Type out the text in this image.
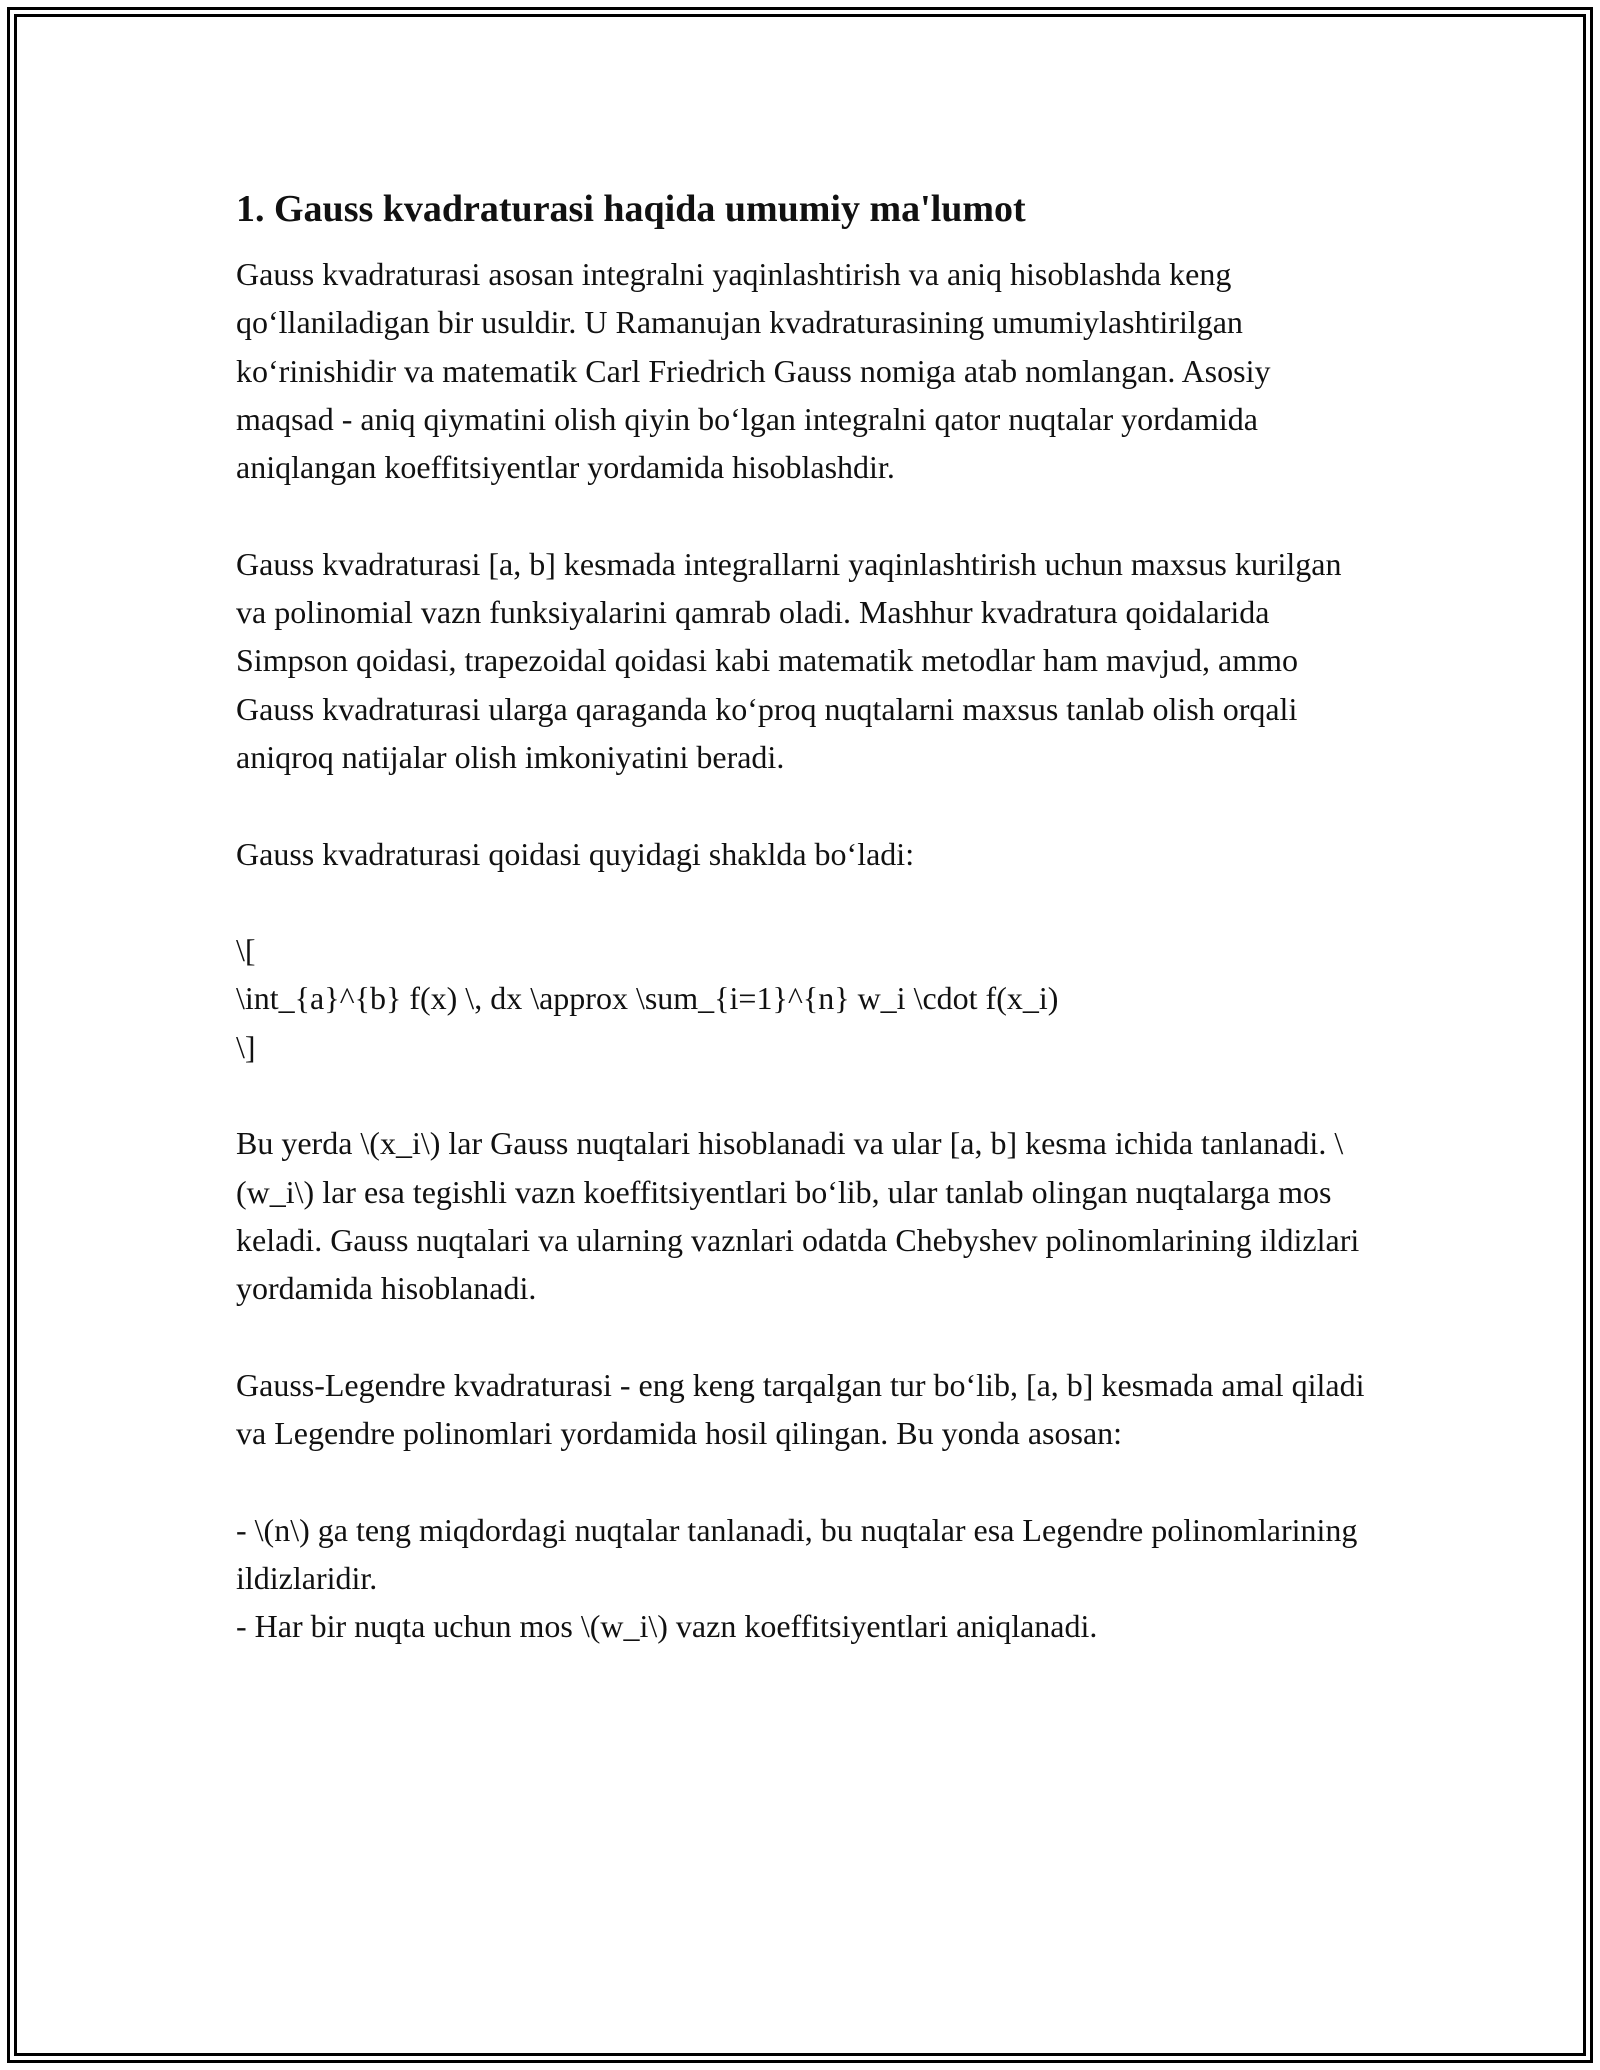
1. Gauss kvadraturasi haqida umumiy ma'lumot

Gauss kvadraturasi asosan integralni yaqinlashtirish va aniq hisoblashda keng qo‘llaniladigan bir usuldir. U Ramanujan kvadraturasining umumiylashtirilgan ko‘rinishidir va matematik Carl Friedrich Gauss nomiga atab nomlangan. Asosiy maqsad - aniq qiymatini olish qiyin bo‘lgan integralni qator nuqtalar yordamida aniqlangan koeffitsiyentlar yordamida hisoblashdir.

Gauss kvadraturasi [a, b] kesmada integrallarni yaqinlashtirish uchun maxsus kurilgan va polinomial vazn funksiyalarini qamrab oladi. Mashhur kvadratura qoidalarida Simpson qoidasi, trapezoidal qoidasi kabi matematik metodlar ham mavjud, ammo Gauss kvadraturasi ularga qaraganda ko‘proq nuqtalarni maxsus tanlab olish orqali aniqroq natijalar olish imkoniyatini beradi.

Gauss kvadraturasi qoidasi quyidagi shaklda bo‘ladi:

\[
\int_{a}^{b} f(x) \, dx \approx \sum_{i=1}^{n} w_i \cdot f(x_i)
\]

Bu yerda \(x_i\) lar Gauss nuqtalari hisoblanadi va ular [a, b] kesma ichida tanlanadi. \(w_i\) lar esa tegishli vazn koeffitsiyentlari bo‘lib, ular tanlab olingan nuqtalarga mos keladi. Gauss nuqtalari va ularning vaznlari odatda Chebyshev polinomlarining ildizlari yordamida hisoblanadi.

Gauss-Legendre kvadraturasi - eng keng tarqalgan tur bo‘lib, [a, b] kesmada amal qiladi va Legendre polinomlari yordamida hosil qilingan. Bu yonda asosan:

- \(n\) ga teng miqdordagi nuqtalar tanlanadi, bu nuqtalar esa Legendre polinomlarining ildizlaridir.
- Har bir nuqta uchun mos \(w_i\) vazn koeffitsiyentlari aniqlanadi.
